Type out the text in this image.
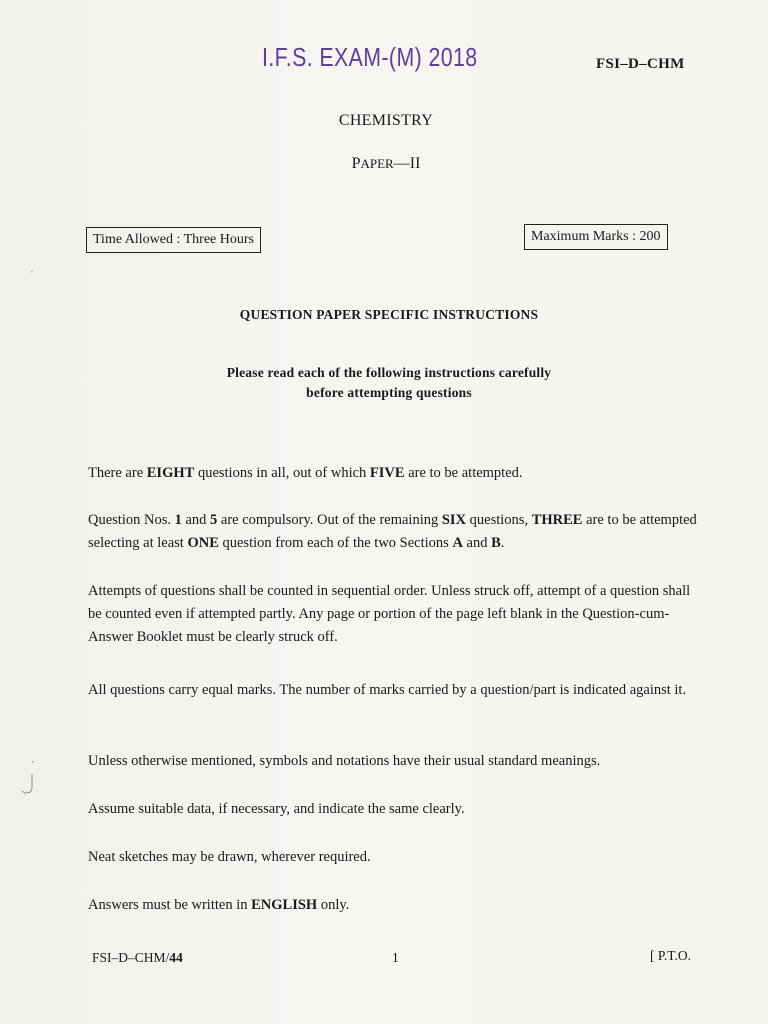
I.F.S. EXAM-(M) 2018	FSI–D–CHM
CHEMISTRY
PAPER—II
Time Allowed : Three Hours	Maximum Marks : 200
QUESTION PAPER SPECIFIC INSTRUCTIONS
Please read each of the following instructions carefully
before attempting questions
There are EIGHT questions in all, out of which FIVE are to be attempted.
Question Nos. 1 and 5 are compulsory. Out of the remaining SIX questions, THREE are to be attempted selecting at least ONE question from each of the two Sections A and B.
Attempts of questions shall be counted in sequential order. Unless struck off, attempt of a question shall be counted even if attempted partly. Any page or portion of the page left blank in the Question-cum-Answer Booklet must be clearly struck off.
All questions carry equal marks. The number of marks carried by a question/part is indicated against it.
Unless otherwise mentioned, symbols and notations have their usual standard meanings.
Assume suitable data, if necessary, and indicate the same clearly.
Neat sketches may be drawn, wherever required.
Answers must be written in ENGLISH only.
FSI–D–CHM/44	1	[ P.T.O.
·
·
